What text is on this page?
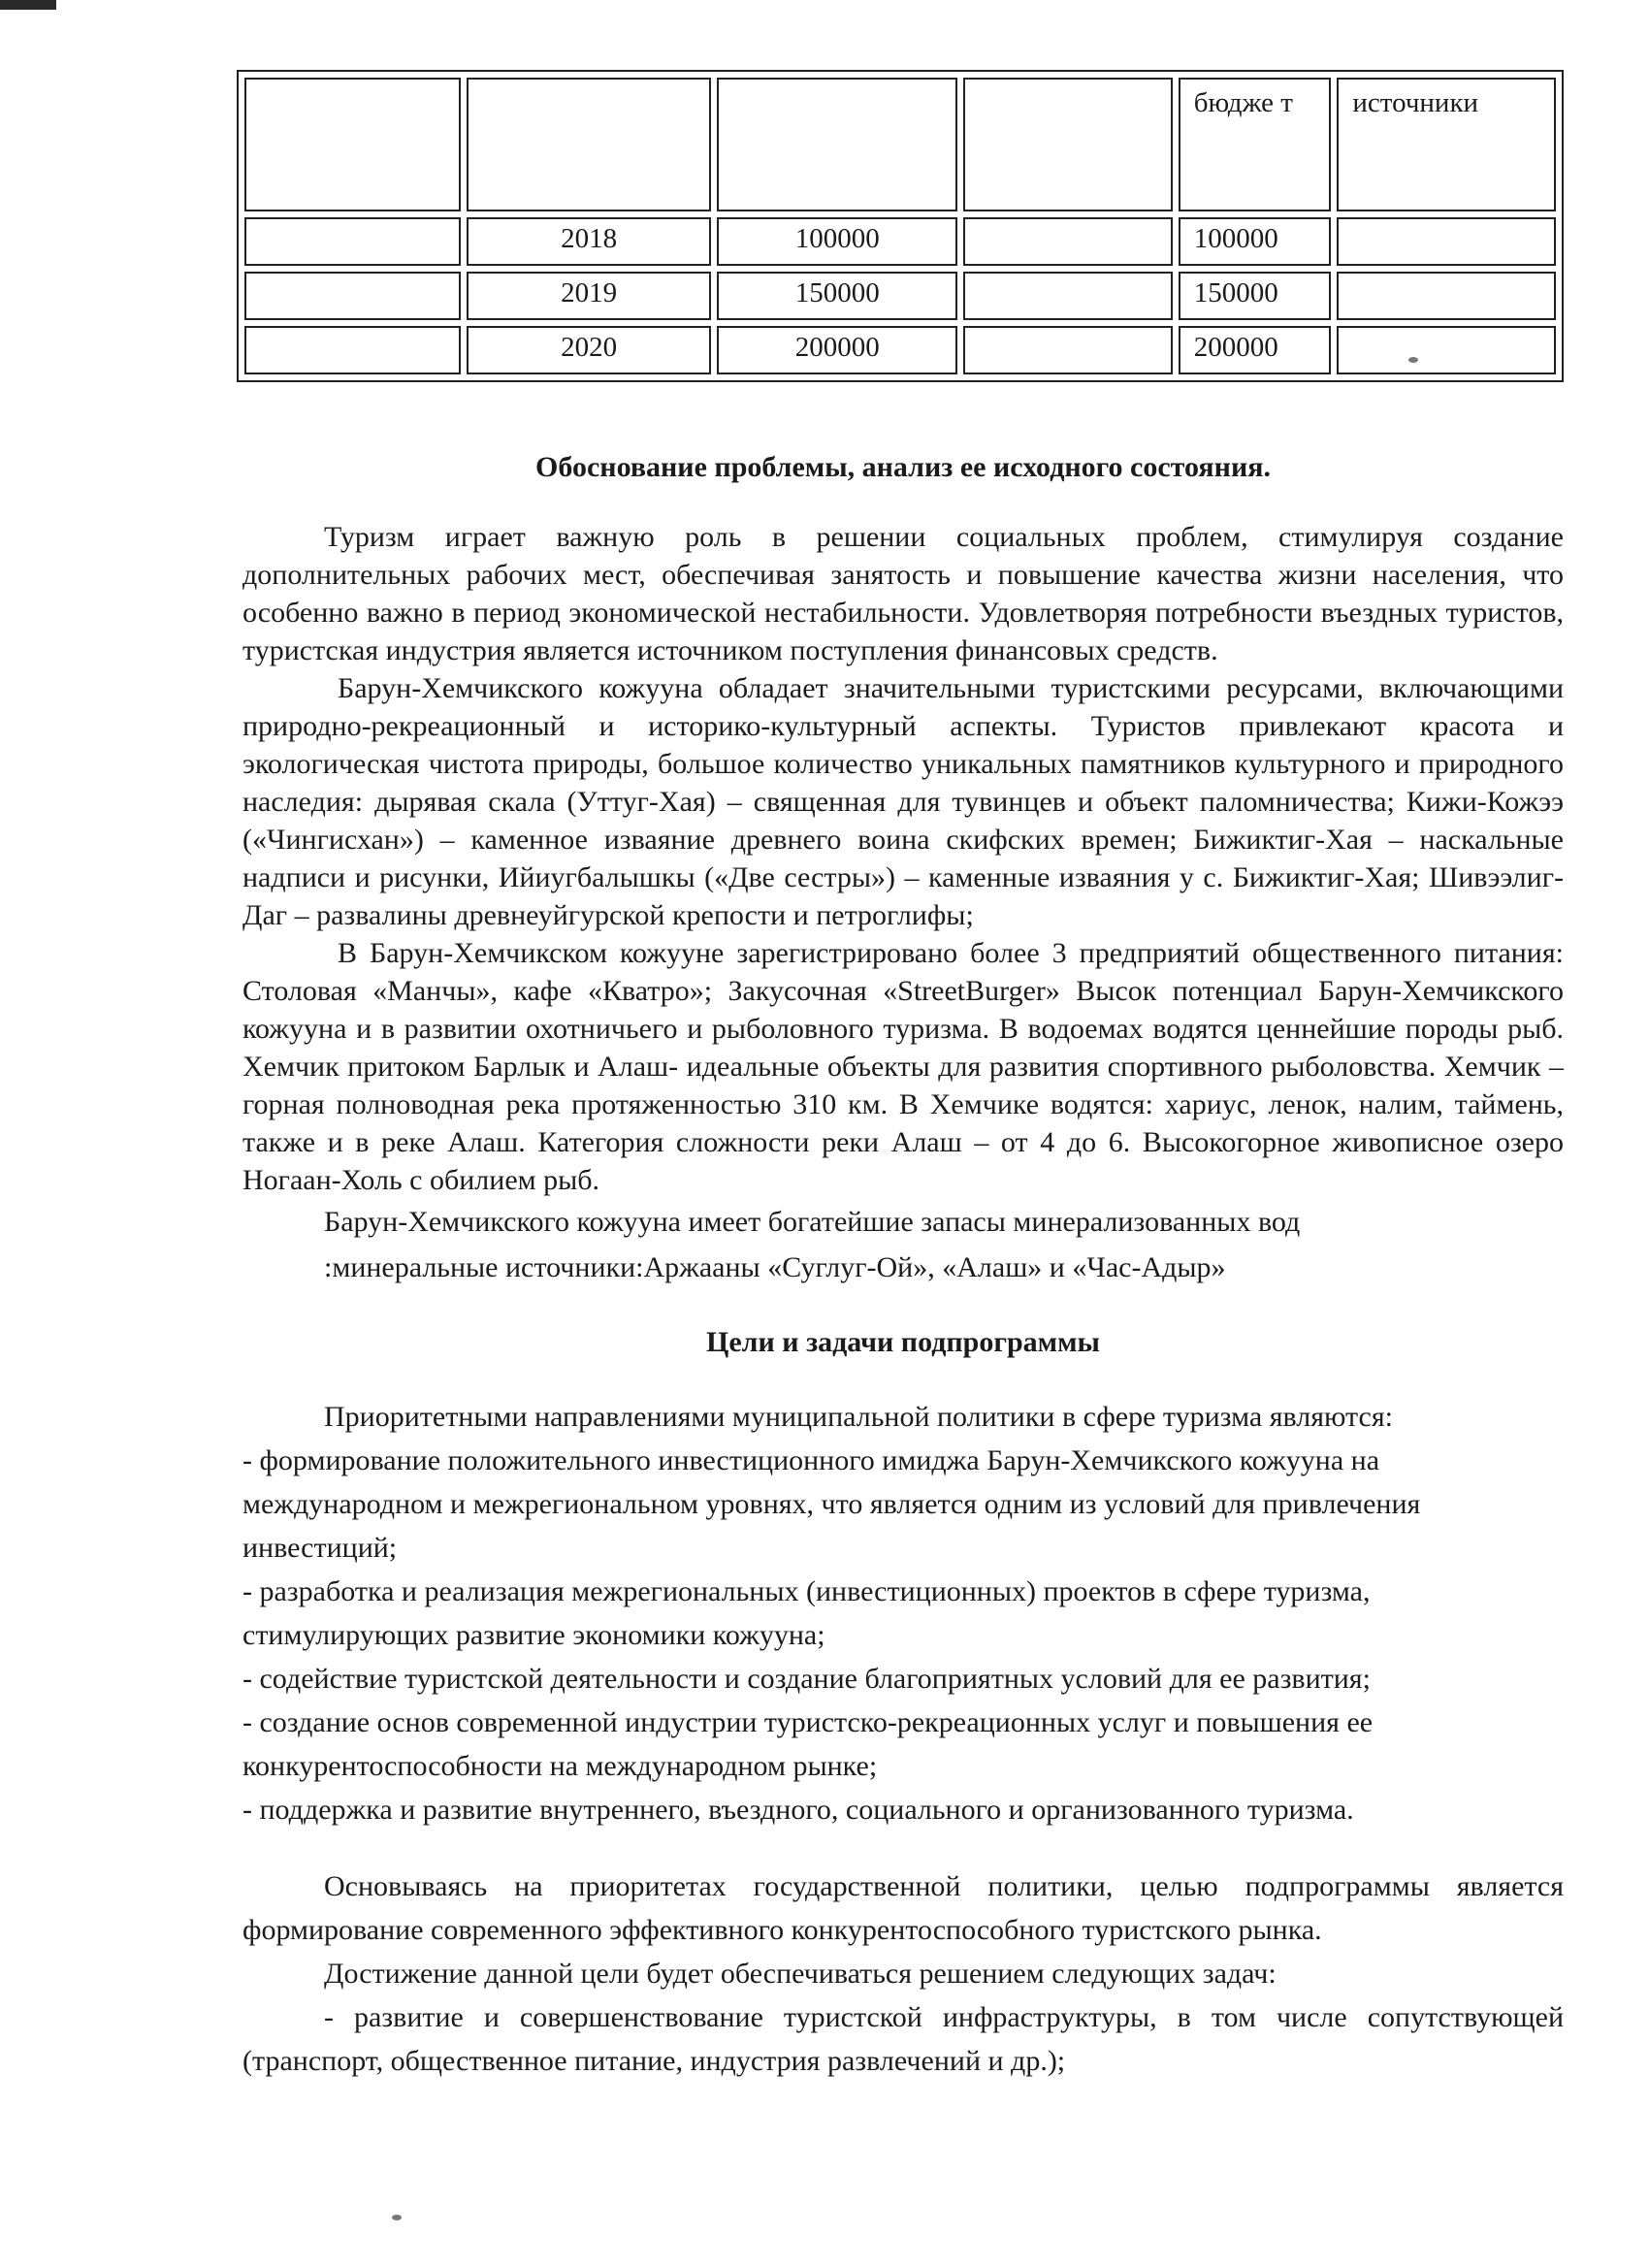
				бюдже т	источники
	2018	100000		100000	
	2019	150000		150000	
	2020	200000		200000	
Обоснование проблемы, анализ ее исходного состояния.

Туризм играет важную роль в решении социальных проблем, стимулируя создание дополнительных рабочих мест, обеспечивая занятость и повышение качества жизни населения, что особенно важно в период экономической нестабильности. Удовлетворяя потребности въездных туристов, туристская индустрия является источником поступления финансовых средств.

Барун-Хемчикского кожууна обладает значительными туристскими ресурсами, включающими природно-рекреационный и историко-культурный аспекты. Туристов привлекают красота и экологическая чистота природы, большое количество уникальных памятников культурного и природного наследия: дырявая скала (Уттуг-Хая) – священная для тувинцев и объект паломничества; Кижи-Кожээ («Чингисхан») – каменное изваяние древнего воина скифских времен; Бижиктиг-Хая – наскальные надписи и рисунки, Ийиугбалышкы («Две сестры») – каменные изваяния у с. Бижиктиг-Хая; Шивээлиг-Даг – развалины древнеуйгурской крепости и петроглифы;

В Барун-Хемчикском кожууне зарегистрировано более 3 предприятий общественного питания: Столовая «Манчы», кафе «Кватро»; Закусочная «StreetBurger» Высок потенциал Барун-Хемчикского кожууна и в развитии охотничьего и рыболовного туризма. В водоемах водятся ценнейшие породы рыб. Хемчик притоком Барлык и Алаш- идеальные объекты для развития спортивного рыболовства. Хемчик – горная полноводная река протяженностью 310 км. В Хемчике водятся: хариус, ленок, налим, таймень, также и в реке Алаш. Категория сложности реки Алаш – от 4 до 6. Высокогорное живописное озеро Ногаан-Холь с обилием рыб.

Барун-Хемчикского кожууна имеет богатейшие запасы минерализованных вод

:минеральные источники:Аржааны «Суглуг-Ой», «Алаш» и «Час-Адыр»

Цели и задачи подпрограммы

Приоритетными направлениями муниципальной политики в сфере туризма являются:

- формирование положительного инвестиционного имиджа Барун-Хемчикского кожууна на международном и межрегиональном уровнях, что является одним из условий для привлечения инвестиций;

- разработка и реализация межрегиональных (инвестиционных) проектов в сфере туризма, стимулирующих развитие экономики кожууна;

- содействие туристской деятельности и создание благоприятных условий для ее развития;

- создание основ современной индустрии туристско-рекреационных услуг и повышения ее конкурентоспособности на международном рынке;

- поддержка и развитие внутреннего, въездного, социального и организованного туризма.

Основываясь на приоритетах государственной политики, целью подпрограммы является формирование современного эффективного конкурентоспособного туристского рынка.

Достижение данной цели будет обеспечиваться решением следующих задач:

- развитие и совершенствование туристской инфраструктуры, в том числе сопутствующей (транспорт, общественное питание, индустрия развлечений и др.);
